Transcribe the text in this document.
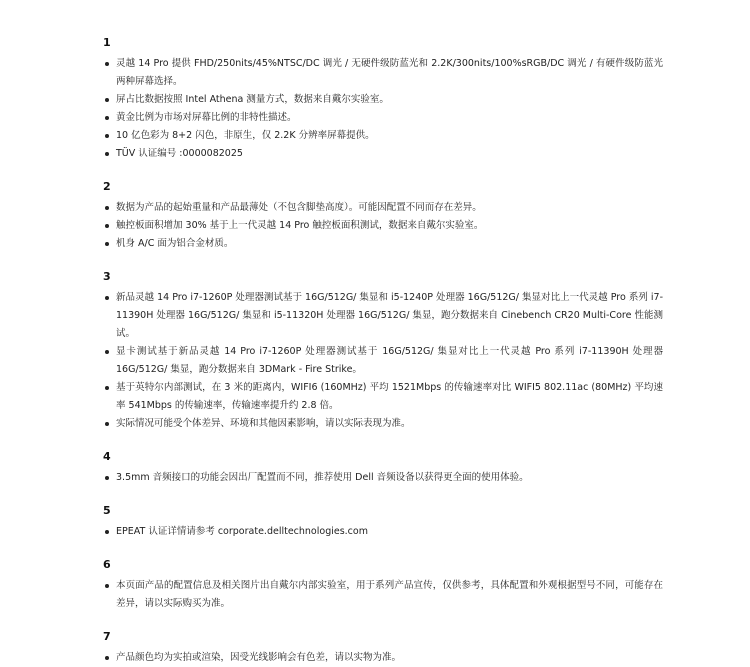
1
灵越 14 Pro 提供 FHD/250nits/45%NTSC/DC 调光 / 无硬件级防蓝光和 2.2K/300nits/100%sRGB/DC 调光 / 有硬件级防蓝光两种屏幕选择。
屏占比数据按照 Intel Athena 测量方式，数据来自戴尔实验室。
黄金比例为市场对屏幕比例的非特性描述。
10 亿色彩为 8+2 闪色，非原生，仅 2.2K 分辨率屏幕提供。
TÜV 认证编号 :0000082025
2
数据为产品的起始重量和产品最薄处（不包含脚垫高度）。可能因配置不同而存在差异。
触控板面积增加 30% 基于上一代灵越 14 Pro 触控板面积测试，数据来自戴尔实验室。
机身 A/C 面为铝合金材质。
3
新品灵越 14 Pro i7-1260P 处理器测试基于 16G/512G/ 集显和 i5-1240P 处理器 16G/512G/ 集显对比上一代灵越 Pro 系列 i7-11390H 处理器 16G/512G/ 集显和 i5-11320H 处理器 16G/512G/ 集显，跑分数据来自 Cinebench CR20 Multi-Core 性能测试。
显卡测试基于新品灵越 14 Pro i7-1260P 处理器测试基于 16G/512G/ 集显对比上一代灵越 Pro 系列 i7-11390H 处理器 16G/512G/ 集显，跑分数据来自 3DMark - Fire Strike。
基于英特尔内部测试，在 3 米的距离内，WIFI6 (160MHz) 平均 1521Mbps 的传输速率对比 WIFI5 802.11ac (80MHz) 平均速率 541Mbps 的传输速率，传输速率提升约 2.8 倍。
实际情况可能受个体差异、环境和其他因素影响，请以实际表现为准。
4
3.5mm 音频接口的功能会因出厂配置而不同，推荐使用 Dell 音频设备以获得更全面的使用体验。
5
EPEAT 认证详情请参考 corporate.delltechnologies.com
6
本页面产品的配置信息及相关图片出自戴尔内部实验室，用于系列产品宣传，仅供参考，具体配置和外观根据型号不同，可能存在差异，请以实际购买为准。
7
产品颜色均为实拍或渲染，因受光线影响会有色差，请以实物为准。
